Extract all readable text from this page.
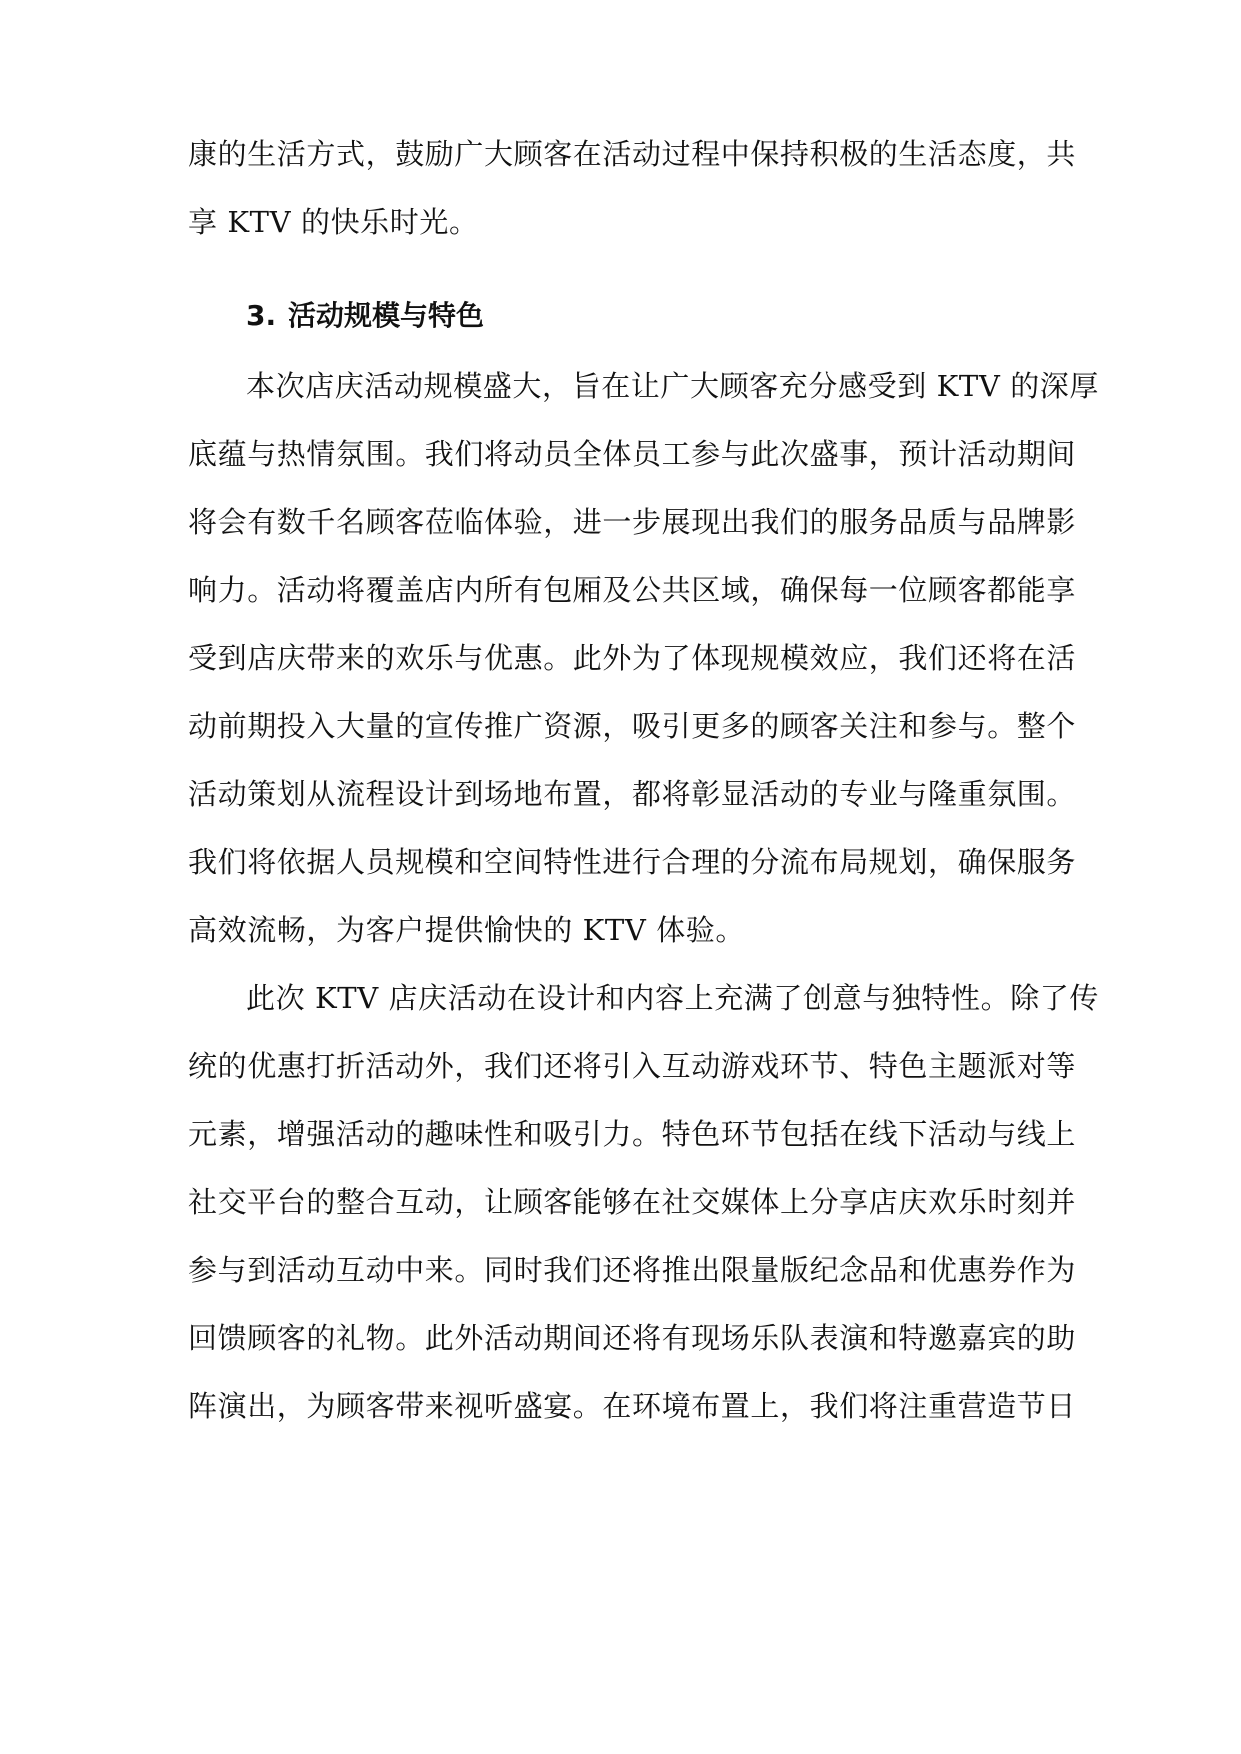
康的生活方式，鼓励广大顾客在活动过程中保持积极的生活态度，共
享 KTV 的快乐时光。
3. 活动规模与特色
本次店庆活动规模盛大，旨在让广大顾客充分感受到 KTV 的深厚
底蕴与热情氛围。我们将动员全体员工参与此次盛事，预计活动期间
将会有数千名顾客莅临体验，进一步展现出我们的服务品质与品牌影
响力。活动将覆盖店内所有包厢及公共区域，确保每一位顾客都能享
受到店庆带来的欢乐与优惠。此外为了体现规模效应，我们还将在活
动前期投入大量的宣传推广资源，吸引更多的顾客关注和参与。整个
活动策划从流程设计到场地布置，都将彰显活动的专业与隆重氛围。
我们将依据人员规模和空间特性进行合理的分流布局规划，确保服务
高效流畅，为客户提供愉快的 KTV 体验。
此次 KTV 店庆活动在设计和内容上充满了创意与独特性。除了传
统的优惠打折活动外，我们还将引入互动游戏环节、特色主题派对等
元素，增强活动的趣味性和吸引力。特色环节包括在线下活动与线上
社交平台的整合互动，让顾客能够在社交媒体上分享店庆欢乐时刻并
参与到活动互动中来。同时我们还将推出限量版纪念品和优惠券作为
回馈顾客的礼物。此外活动期间还将有现场乐队表演和特邀嘉宾的助
阵演出，为顾客带来视听盛宴。在环境布置上，我们将注重营造节日
